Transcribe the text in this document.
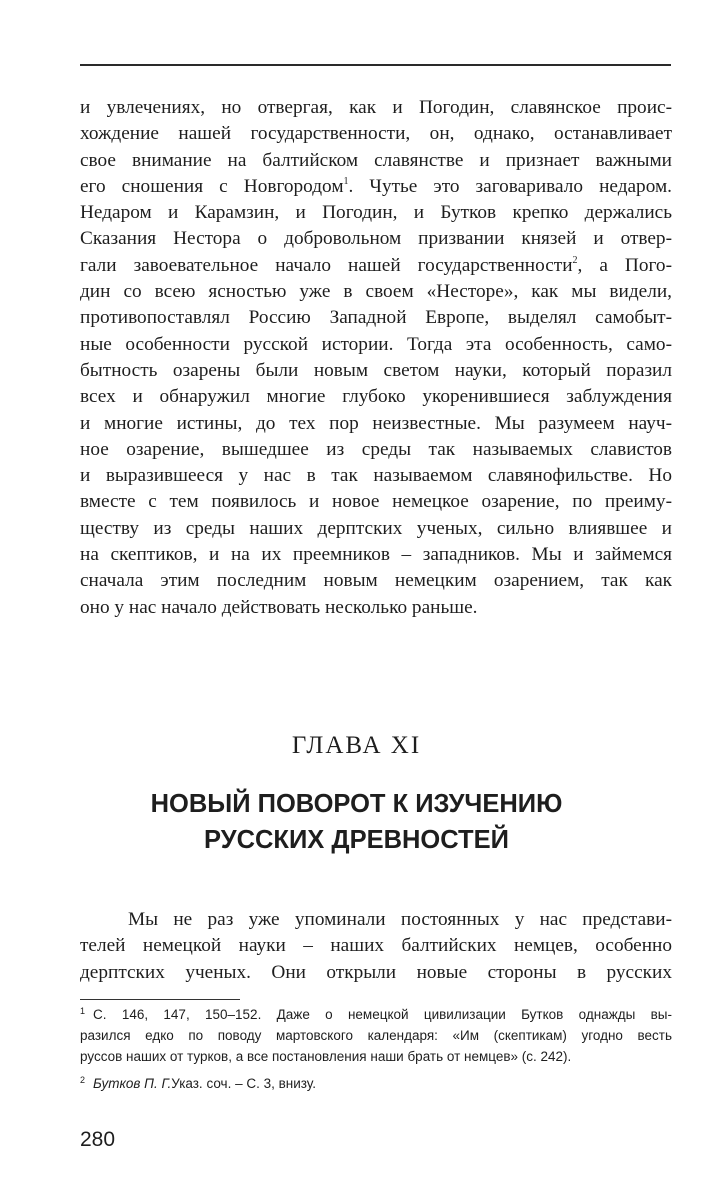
и увлечениях, но отвергая, как и Погодин, славянское проис-
хождение нашей государственности, он, однако, останавливает
свое внимание на балтийском славянстве и признает важными
его сношения с Новгородом$^1$. Чутье это заговаривало недаром.
Недаром и Карамзин, и Погодин, и Бутков крепко держались
Сказания Нестора о добровольном призвании князей и отвер-
гали завоевательное начало нашей государственности$^2$, а Пого-
дин со всею ясностью уже в своем «Несторе», как мы видели,
противопоставлял Россию Западной Европе, выделял самобыт-
ные особенности русской истории. Тогда эта особенность, само-
бытность озарены были новым светом науки, который поразил
всех и обнаружил многие глубоко укоренившиеся заблуждения
и многие истины, до тех пор неизвестные. Мы разумеем науч-
ное озарение, вышедшее из среды так называемых славистов
и выразившееся у нас в так называемом славянофильстве. Но
вместе с тем появилось и новое немецкое озарение, по преиму-
ществу из среды наших дерптских ученых, сильно влиявшее и
на скептиков, и на их преемников – западников. Мы и займемся
сначала этим последним новым немецким озарением, так как
оно у нас начало действовать несколько раньше.
ГЛАВА XI
НОВЫЙ ПОВОРОТ К ИЗУЧЕНИЮ
РУССКИХ ДРЕВНОСТЕЙ
Мы не раз уже упоминали постоянных у нас представи-
телей немецкой науки – наших балтийских немцев, особенно
дерптских ученых. Они открыли новые стороны в русских
$^1$ С. 146, 147, 150–152. Даже о немецкой цивилизации Бутков однажды вы-
разился едко по поводу мартовского календаря: «Им (скептикам) угодно весть
руссов наших от турков, а все постановления наши брать от немцев» (с. 242).
$^2$ Бутков П. Г.Указ. соч. – С. 3, внизу.
280
